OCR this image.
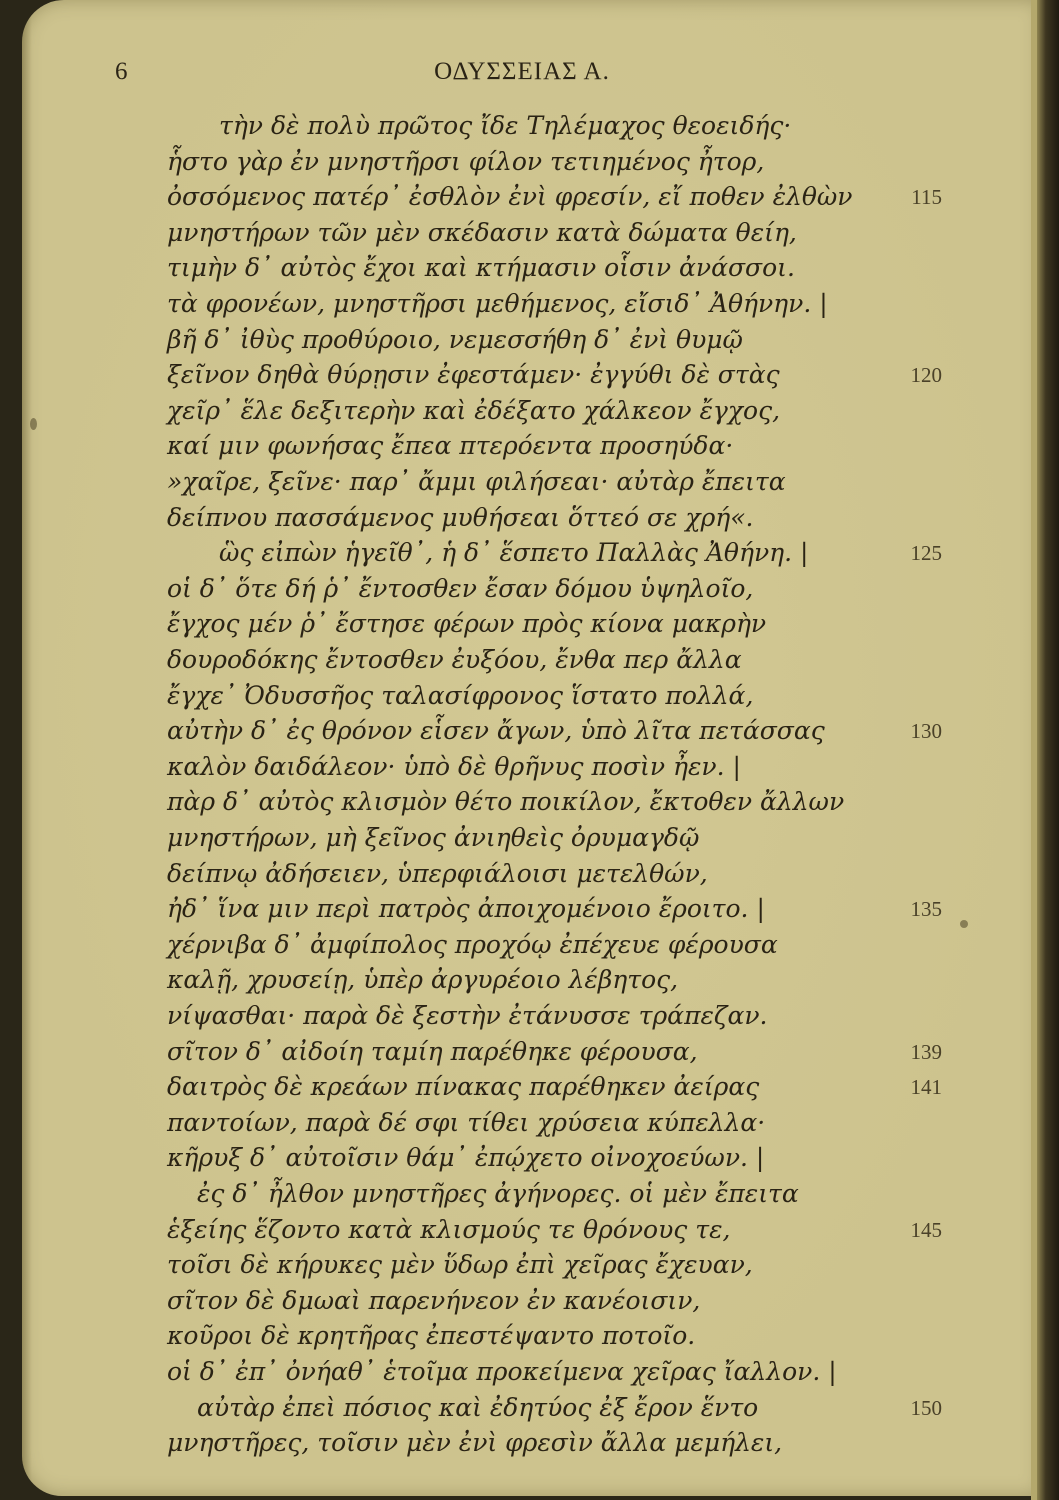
6	ΟΔΥΣΣΕΙΑΣ Α.
τὴν δὲ πολὺ πρῶτος ἴδε Τηλέμαχος θεοειδής·
ἧστο γὰρ ἐν μνηστῆρσι φίλον τετιημένος ἦτορ,
ὀσσόμενος πατέρ᾽ ἐσθλὸν ἐνὶ φρεσίν, εἴ ποθεν ἐλθὼν	115
μνηστήρων τῶν μὲν σκέδασιν κατὰ δώματα θείη,
τιμὴν δ᾽ αὐτὸς ἔχοι καὶ κτήμασιν οἷσιν ἀνάσσοι.
τὰ φρονέων, μνηστῆρσι μεθήμενος, εἴσιδ᾽ Ἀθήνην. |
βῆ δ᾽ ἰθὺς προθύροιο, νεμεσσήθη δ᾽ ἐνὶ θυμῷ
ξεῖνον δηθὰ θύρῃσιν ἐφεστάμεν· ἐγγύθι δὲ στὰς	120
χεῖρ᾽ ἕλε δεξιτερὴν καὶ ἐδέξατο χάλκεον ἔγχος,
καί μιν φωνήσας ἔπεα πτερόεντα προσηύδα·
»χαῖρε, ξεῖνε· παρ᾽ ἄμμι φιλήσεαι· αὐτὰρ ἔπειτα
δείπνου πασσάμενος μυθήσεαι ὅττεό σε χρή«.
ὣς εἰπὼν ἡγεῖθ᾽, ἡ δ᾽ ἕσπετο Παλλὰς Ἀθήνη. |	125
οἱ δ᾽ ὅτε δή ῥ᾽ ἔντοσθεν ἔσαν δόμου ὑψηλοῖο,
ἔγχος μέν ῥ᾽ ἔστησε φέρων πρὸς κίονα μακρὴν
δουροδόκης ἔντοσθεν ἐυξόου, ἔνθα περ ἄλλα
ἔγχε᾽ Ὀδυσσῆος ταλασίφρονος ἵστατο πολλά,
αὐτὴν δ᾽ ἐς θρόνον εἷσεν ἄγων, ὑπὸ λῖτα πετάσσας	130
καλὸν δαιδάλεον· ὑπὸ δὲ θρῆνυς ποσὶν ἦεν. |
πὰρ δ᾽ αὐτὸς κλισμὸν θέτο ποικίλον, ἔκτοθεν ἄλλων
μνηστήρων, μὴ ξεῖνος ἀνιηθεὶς ὀρυμαγδῷ
δείπνῳ ἀδήσειεν, ὑπερφιάλοισι μετελθών,
ἠδ᾽ ἵνα μιν περὶ πατρὸς ἀποιχομένοιο ἔροιτο. |	135
χέρνιβα δ᾽ ἀμφίπολος προχόῳ ἐπέχευε φέρουσα
καλῇ, χρυσείῃ, ὑπὲρ ἀργυρέοιο λέβητος,
νίψασθαι· παρὰ δὲ ξεστὴν ἐτάνυσσε τράπεζαν.
σῖτον δ᾽ αἰδοίη ταμίη παρέθηκε φέρουσα,	139
δαιτρὸς δὲ κρεάων πίνακας παρέθηκεν ἀείρας	141
παντοίων, παρὰ δέ σφι τίθει χρύσεια κύπελλα·
κῆρυξ δ᾽ αὐτοῖσιν θάμ᾽ ἐπῴχετο οἰνοχοεύων. |
ἐς δ᾽ ἦλθον μνηστῆρες ἀγήνορες. οἱ μὲν ἔπειτα
ἑξείης ἕζοντο κατὰ κλισμούς τε θρόνους τε,	145
τοῖσι δὲ κήρυκες μὲν ὕδωρ ἐπὶ χεῖρας ἔχευαν,
σῖτον δὲ δμωαὶ παρενήνεον ἐν κανέοισιν,
κοῦροι δὲ κρητῆρας ἐπεστέψαντο ποτοῖο.
οἱ δ᾽ ἐπ᾽ ὀνήαθ᾽ ἑτοῖμα προκείμενα χεῖρας ἴαλλον. |
αὐτὰρ ἐπεὶ πόσιος καὶ ἐδητύος ἐξ ἔρον ἕντο	150
μνηστῆρες, τοῖσιν μὲν ἐνὶ φρεσὶν ἄλλα μεμήλει,
